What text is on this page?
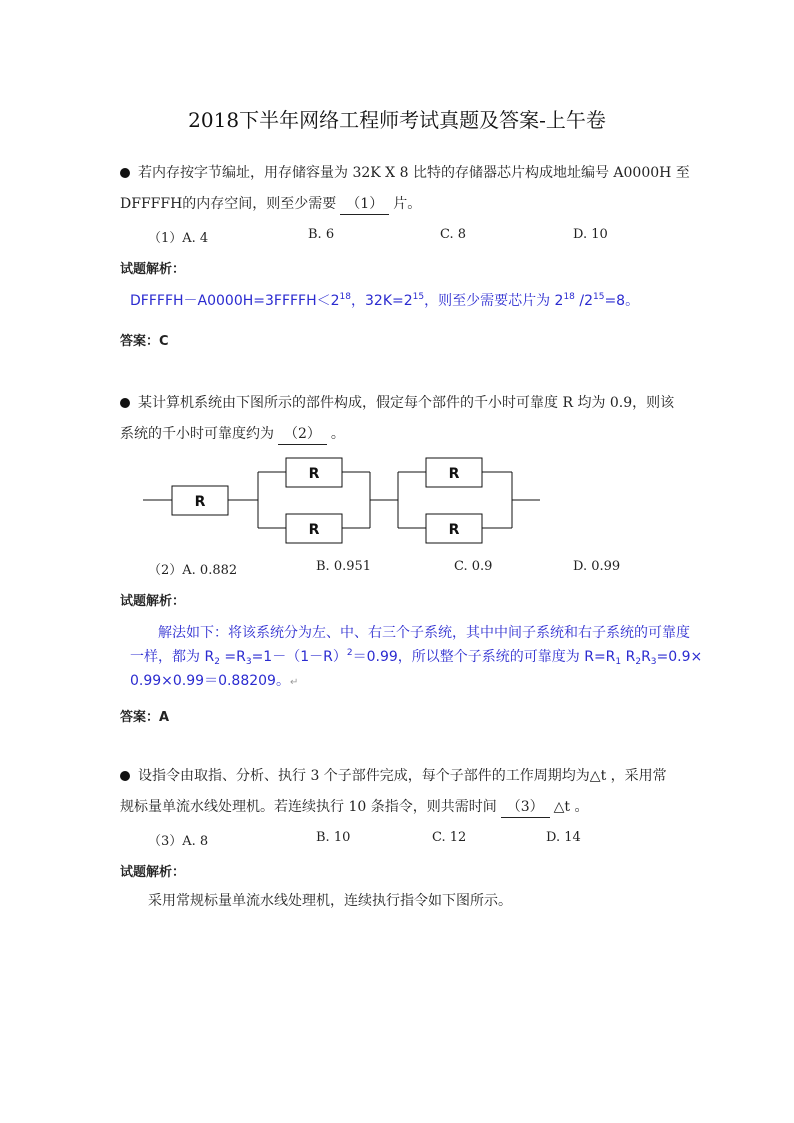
2018下半年网络工程师考试真题及答案-上午卷
若内存按字节编址，用存储容量为 32K X 8 比特的存储器芯片构成地址编号 A0000H 至
DFFFFH的内存空间，则至少需要 （1） 片。
（1）A. 4	B. 6	C. 8	D. 10
试题解析：
$DFFFFH-A0000H=3FFFFH<2^{18}$，$32K=2^{15}$，则至少需要芯片为 $2^{18}$ $/2^{15}=8$。
答案：C
某计算机系统由下图所示的部件构成，假定每个部件的千小时可靠度 R 均为 0.9，则该
系统的千小时可靠度约为 （2） 。
R
R
R
R
R
（2）A. 0.882	B. 0.951	C. 0.9	D. 0.99
试题解析：
解法如下：将该系统分为左、中、右三个子系统，其中中间子系统和右子系统的可靠度
一样，都为 $R_2 =R_3=1-(1-R)^2=0.99$，所以整个子系统的可靠度为 $R=R_1$ $R_2R_3=0.9\times$
0.99×0.99＝0.88209。↵
答案：A
设指令由取指、分析、执行 3 个子部件完成，每个子部件的工作周期均为△t ，采用常
规标量单流水线处理机。若连续执行 10 条指令，则共需时间 （3） △t 。
（3）A. 8	B. 10	C. 12	D. 14
试题解析：
采用常规标量单流水线处理机，连续执行指令如下图所示。
